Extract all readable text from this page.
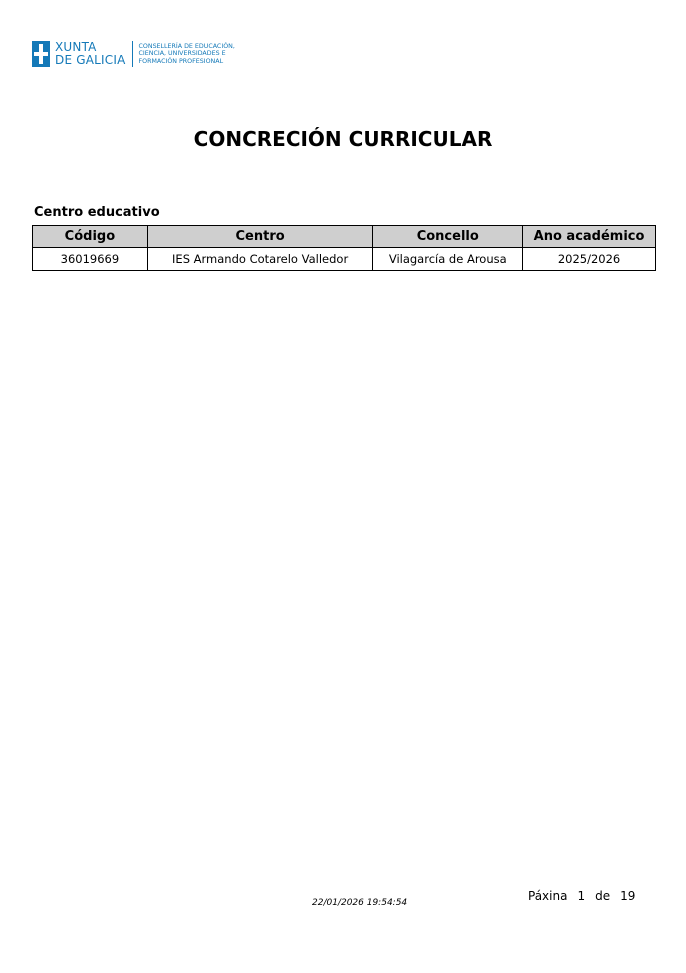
XUNTA
DE GALICIA
CONSELLERÍA DE EDUCACIÓN,
CIENCIA, UNIVERSIDADES E
FORMACIÓN PROFESIONAL
CONCRECIÓN CURRICULAR
Centro educativo
Código	Centro	Concello	Ano académico
36019669	IES Armando Cotarelo Valledor	Vilagarcía de Arousa	2025/2026
22/01/2026 19:54:54	Páxina 1 de 19
